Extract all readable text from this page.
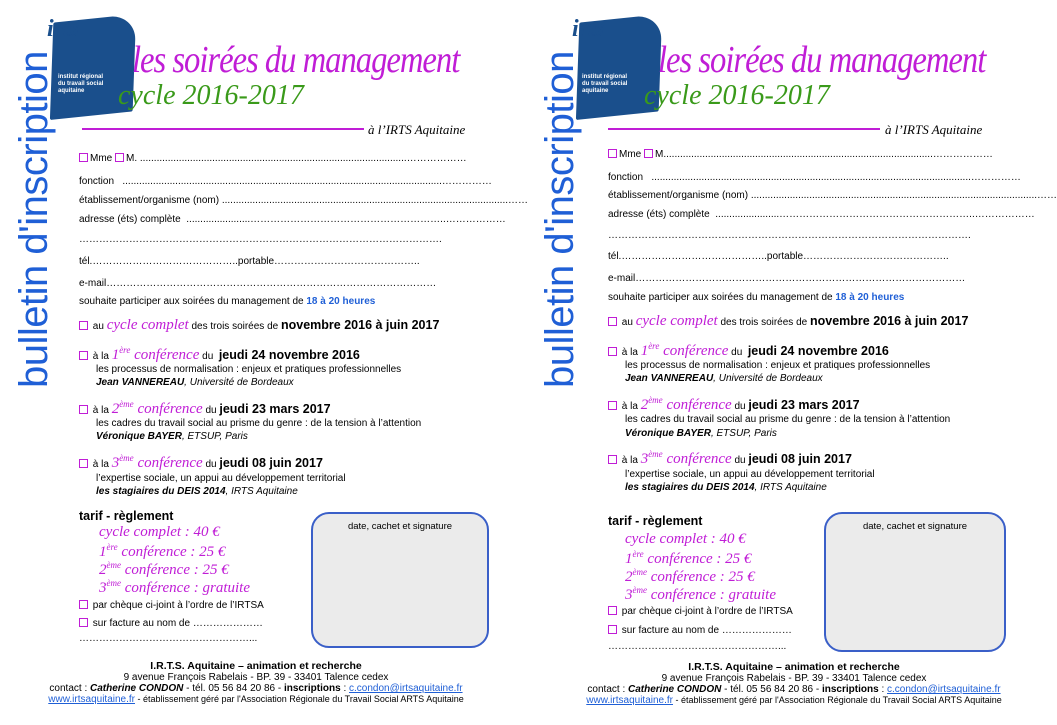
irts
institut régional
du travail social
aquitaine
les soirées du management
cycle 2016-2017
à l’IRTS Aquitaine
bulletin d'inscription	Mme M. ................................................................................................………………
fonction ...................................................................................................................……………
établissement/organisme (nom) .......................................................................................................……
adresse (éts) complète .......................…………………………………………………..………………
……………………………………………………………………………………………….
tél.……………………………………..portable……………………………………..
e-mail………………………………………………………………………………………
souhaite participer aux soirées du management de 18 à 20 heures
au cycle complet des trois soirées de novembre 2016 à juin 2017
à la 1ère conférence du jeudi 24 novembre 2016
les processus de normalisation : enjeux et pratiques professionnelles
Jean VANNEREAU, Université de Bordeaux
à la 2ème conférence du jeudi 23 mars 2017
les cadres du travail social au prisme du genre : de la tension à l’attention
Véronique BAYER, ETSUP, Paris
à la 3ème conférence du jeudi 08 juin 2017
l’expertise sociale, un appui au développement territorial
les stagiaires du DEIS 2014, IRTS Aquitaine
tarif - règlement
cycle complet : 40 €
1ère conférence : 25 €
2ème conférence : 25 €
3ème conférence : gratuite
par chèque ci-joint à l’ordre de l’IRTSA
sur facture au nom de …………………
……………………………………………...
date, cachet et signature
I.R.T.S. Aquitaine – animation et recherche
9 avenue François Rabelais - BP. 39 - 33401 Talence cedex
contact : Catherine CONDON - tél. 05 56 84 20 86 - inscriptions : c.condon@irtsaquitaine.fr
www.irtsaquitaine.fr - établissement géré par l'Association Régionale du Travail Social ARTS Aquitaine
irts
institut régional
du travail social
aquitaine
les soirées du management
cycle 2016-2017
à l’IRTS Aquitaine
bulletin d'inscription	Mme M.................................................................................................………………
fonction ...................................................................................................................……………
établissement/organisme (nom) .......................................................................................................……
adresse (éts) complète .......................…………………………………………………..………………
……………………………………………………………………………………………….
tél.……………………………………..portable……………………………………..
e-mail………………………………………………………………………………………
souhaite participer aux soirées du management de 18 à 20 heures
au cycle complet des trois soirées de novembre 2016 à juin 2017
à la 1ère conférence du jeudi 24 novembre 2016
les processus de normalisation : enjeux et pratiques professionnelles
Jean VANNEREAU, Université de Bordeaux
à la 2ème conférence du jeudi 23 mars 2017
les cadres du travail social au prisme du genre : de la tension à l’attention
Véronique BAYER, ETSUP, Paris
à la 3ème conférence du jeudi 08 juin 2017
l’expertise sociale, un appui au développement territorial
les stagiaires du DEIS 2014, IRTS Aquitaine
tarif - règlement
cycle complet : 40 €
1ère conférence : 25 €
2ème conférence : 25 €
3ème conférence : gratuite
par chèque ci-joint à l’ordre de l’IRTSA
sur facture au nom de …………………
……………………………………………...
date, cachet et signature
I.R.T.S. Aquitaine – animation et recherche
9 avenue François Rabelais - BP. 39 - 33401 Talence cedex
contact : Catherine CONDON - tél. 05 56 84 20 86 - inscriptions : c.condon@irtsaquitaine.fr
www.irtsaquitaine.fr - établissement géré par l'Association Régionale du Travail Social ARTS Aquitaine
